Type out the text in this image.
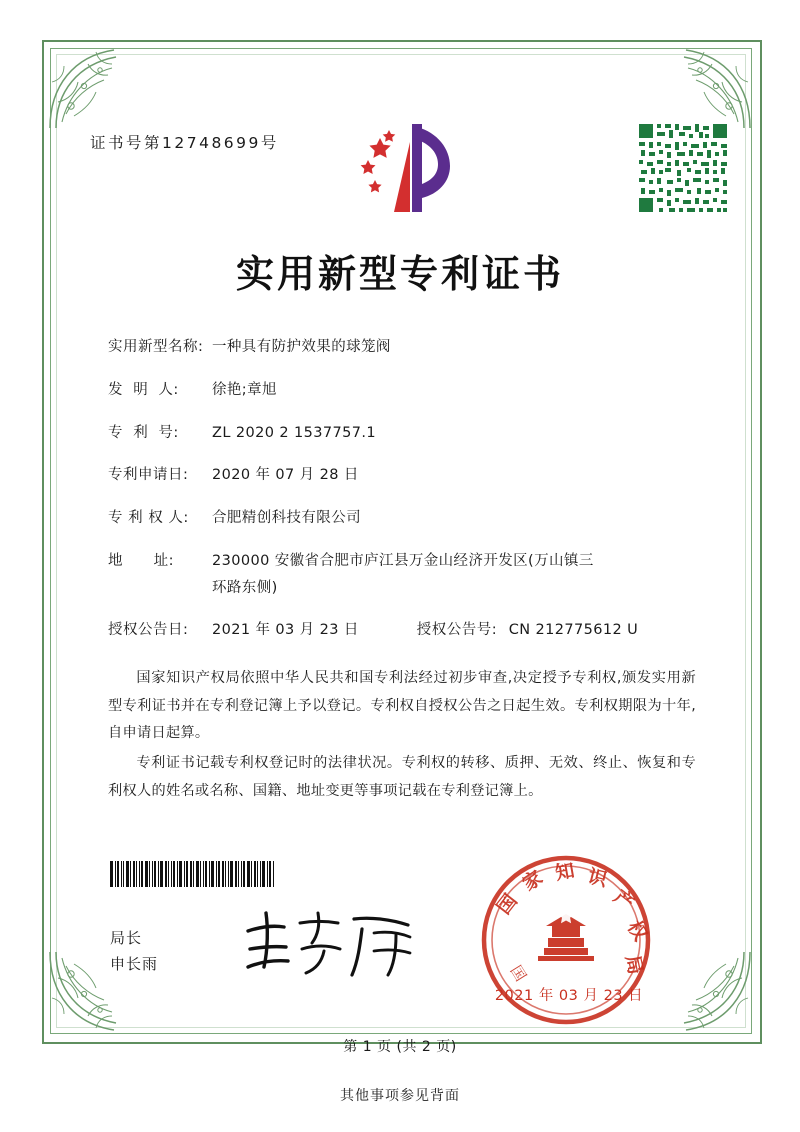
证书号第12748699号
实用新型专利证书
实用新型名称: 一种具有防护效果的球笼阀
发  明  人:	徐艳;章旭
专  利  号:	ZL 2020 2 1537757.1
专利申请日:	2020 年 07 月 28 日
专 利 权 人:	合肥精创科技有限公司
地      址:	230000 安徽省合肥市庐江县万金山经济开发区(万山镇三
环路东侧)
授权公告日:	2021 年 03 月 23 日	授权公告号: CN 212775612 U

国家知识产权局依照中华人民共和国专利法经过初步审查,决定授予专利权,颁发实用新型专利证书并在专利登记簿上予以登记。专利权自授权公告之日起生效。专利权期限为十年,自申请日起算。

专利证书记载专利权登记时的法律状况。专利权的转移、质押、无效、终止、恢复和专利权人的姓名或名称、国籍、地址变更等事项记载在专利登记簿上。

局长
申长雨
国
家 知 识
产
权
局
国
2021 年 03 月 23 日
第 1 页 (共 2 页)
其他事项参见背面
